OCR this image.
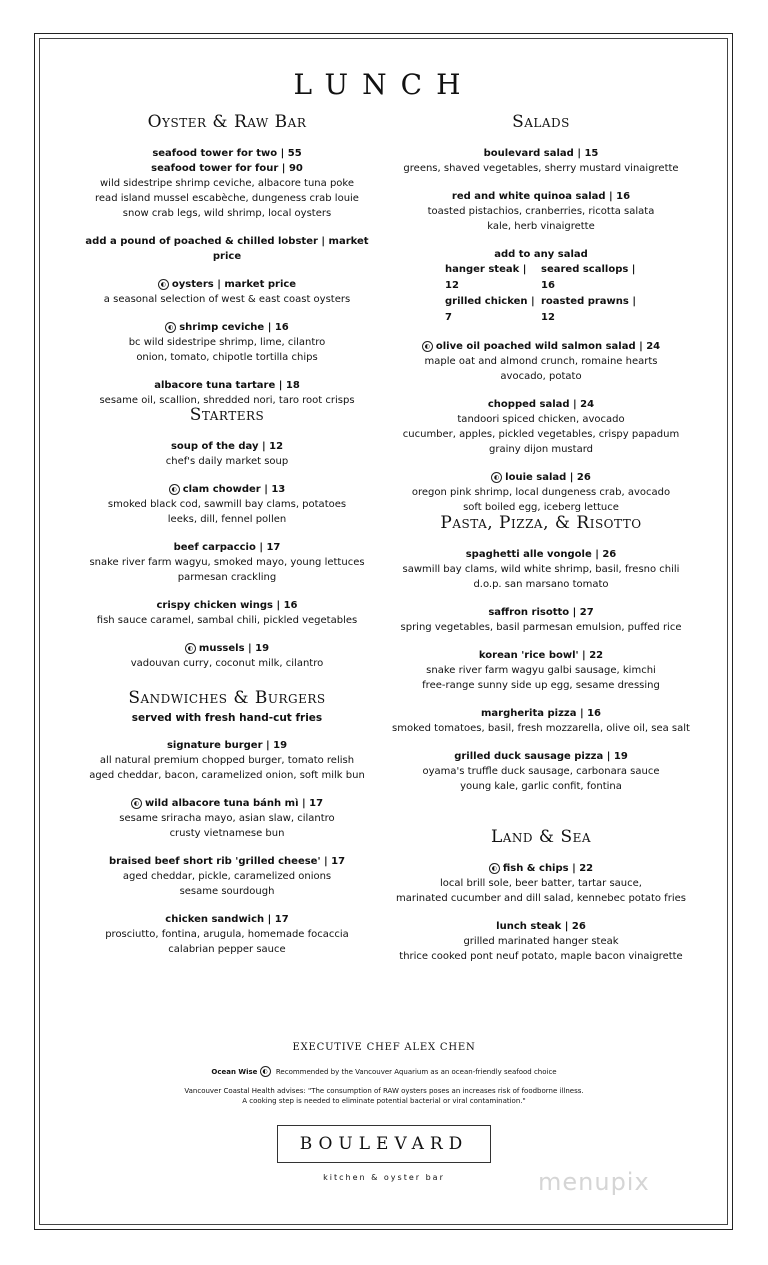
LUNCH
Oyster & Raw Bar
seafood tower for two | 55
seafood tower for four | 90
wild sidestripe shrimp ceviche, albacore tuna poke
read island mussel escabèche, dungeness crab louie
snow crab legs, wild shrimp, local oysters
add a pound of poached & chilled lobster | market price
◐ oysters | market price
a seasonal selection of west & east coast oysters
◐ shrimp ceviche | 16
bc wild sidestripe shrimp, lime, cilantro
onion, tomato, chipotle tortilla chips
albacore tuna tartare | 18
sesame oil, scallion, shredded nori, taro root crisps
Starters
soup of the day | 12
chef's daily market soup
◐ clam chowder | 13
smoked black cod, sawmill bay clams, potatoes
leeks, dill, fennel pollen
beef carpaccio | 17
snake river farm wagyu, smoked mayo, young lettuces
parmesan crackling
crispy chicken wings | 16
fish sauce caramel, sambal chili, pickled vegetables
◐ mussels | 19
vadouvan curry, coconut milk, cilantro
Sandwiches & Burgers
served with fresh hand-cut fries
signature burger | 19
all natural premium chopped burger, tomato relish
aged cheddar, bacon, caramelized onion, soft milk bun
◐ wild albacore tuna bánh mì | 17
sesame sriracha mayo, asian slaw, cilantro
crusty vietnamese bun
braised beef short rib 'grilled cheese' | 17
aged cheddar, pickle, caramelized onions
sesame sourdough
chicken sandwich | 17
prosciutto, fontina, arugula, homemade focaccia
calabrian pepper sauce
Salads
boulevard salad | 15
greens, shaved vegetables, sherry mustard vinaigrette
red and white quinoa salad | 16
toasted pistachios, cranberries, ricotta salata
kale, herb vinaigrette
add to any salad
hanger steak | 12seared scallops | 16
grilled chicken | 7roasted prawns | 12
◐ olive oil poached wild salmon salad | 24
maple oat and almond crunch, romaine hearts
avocado, potato
chopped salad | 24
tandoori spiced chicken, avocado
cucumber, apples, pickled vegetables, crispy papadum
grainy dijon mustard
◐ louie salad | 26
oregon pink shrimp, local dungeness crab, avocado
soft boiled egg, iceberg lettuce
Pasta, Pizza, & Risotto
spaghetti alle vongole | 26
sawmill bay clams, wild white shrimp, basil, fresno chili
d.o.p. san marsano tomato
saffron risotto | 27
spring vegetables, basil parmesan emulsion, puffed rice
korean 'rice bowl' | 22
snake river farm wagyu galbi sausage, kimchi
free-range sunny side up egg, sesame dressing
margherita pizza | 16
smoked tomatoes, basil, fresh mozzarella, olive oil, sea salt
grilled duck sausage pizza | 19
oyama's truffle duck sausage, carbonara sauce
young kale, garlic confit, fontina
Land & Sea
◐ fish & chips | 22
local brill sole, beer batter, tartar sauce,
marinated cucumber and dill salad, kennebec potato fries
lunch steak | 26
grilled marinated hanger steak
thrice cooked pont neuf potato, maple bacon vinaigrette
EXECUTIVE CHEF ALEX CHEN
Ocean Wise ◐ Recommended by the Vancouver Aquarium as an ocean-friendly seafood choice
Vancouver Coastal Health advises: "The consumption of RAW oysters poses an increases risk of foodborne illness.
A cooking step is needed to eliminate potential bacterial or viral contamination."
BOULEVARD
kitchen & oyster bar	menupix
